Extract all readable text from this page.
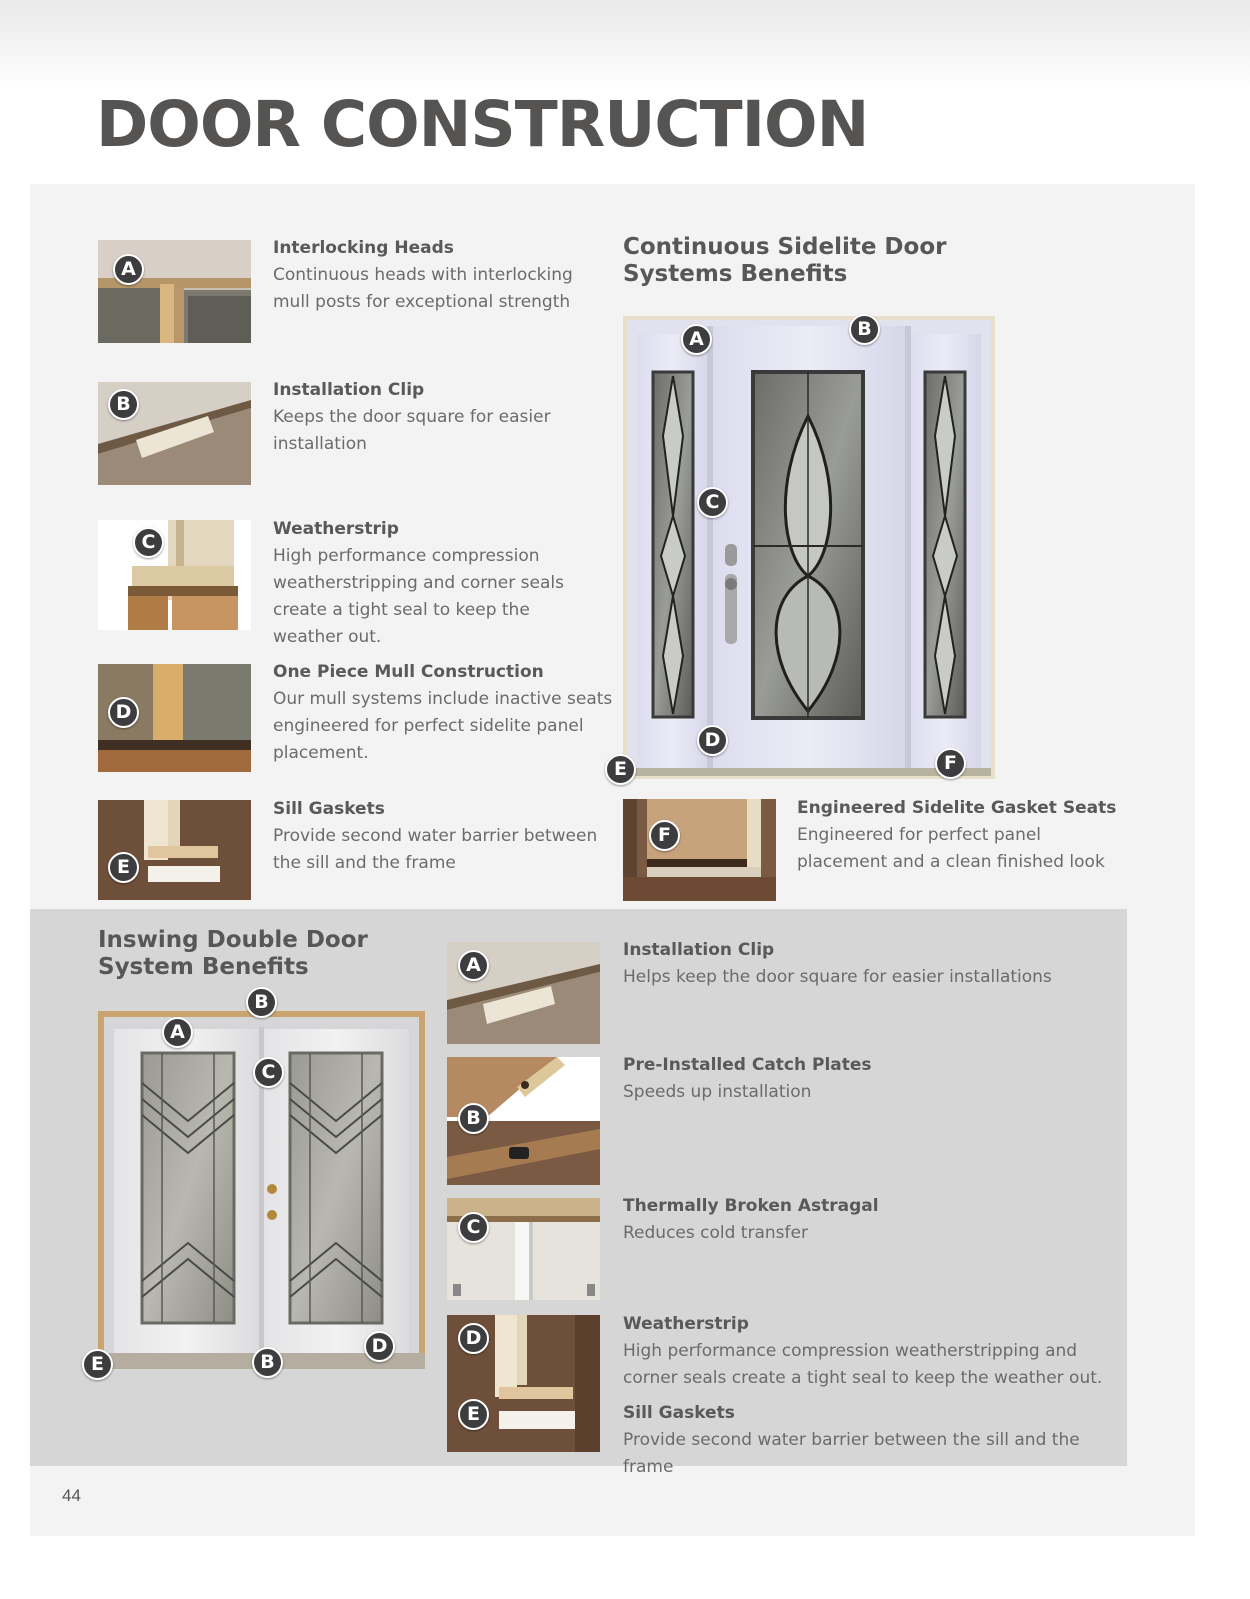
DOOR CONSTRUCTION
A
Interlocking Heads

Continuous heads with interlocking mull posts for exceptional strength

B
Installation Clip

Keeps the door square for easier installation

C
Weatherstrip

High performance compression weatherstripping and corner seals create a tight seal to keep the weather out.

D
One Piece Mull Construction

Our mull systems include inactive seats engineered for perfect sidelite panel placement.

E
Sill Gaskets

Provide second water barrier between the sill and the frame

Continuous Sidelite Door Systems Benefits
A	B
C
D
E	F
F
Engineered Sidelite Gasket Seats

Engineered for perfect panel placement and a clean finished look

Inswing Double Door System Benefits
A
B
C
D
E	B
A
Installation Clip

Helps keep the door square for easier installations

B
Pre-Installed Catch Plates

Speeds up installation

C
Thermally Broken Astragal

Reduces cold transfer

D
E
Weatherstrip

High performance compression weatherstripping and corner seals create a tight seal to keep the weather out.

Sill Gaskets

Provide second water barrier between the sill and the frame

44
